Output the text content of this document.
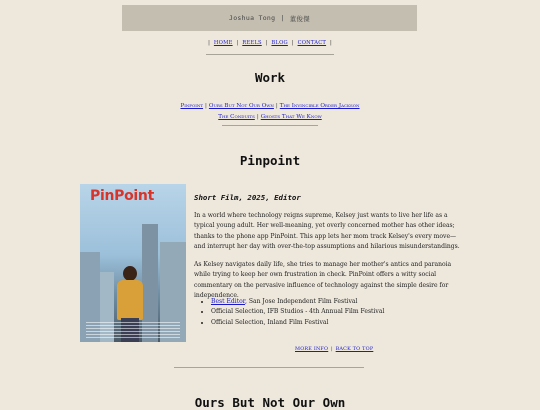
Joshua Tong | 董俊傑
| HOME | REELS | BLOG | CONTACT |
Work
Pinpoint | Ours But Not Our Own | The Invincible Order Jackson
The Conduits | Ghosts That We Know
Pinpoint
PinPoint	Short Film, 2025, Editor

In a world where technology reigns supreme, Kelsey just wants to live her life as a typical young adult. Her well-meaning, yet overly concerned mother has other ideas; thanks to the phone app PinPoint. This app lets her mom track Kelsey's every move—and interrupt her day with over-the-top assumptions and hilarious misunderstandings.

As Kelsey navigates daily life, she tries to manage her mother's antics and paranoia while trying to keep her own frustration in check. PinPoint offers a witty social commentary on the pervasive influence of technology against the simple desire for independence.

• Best Editor, San Jose Independent Film Festival
• Official Selection, IFB Studios - 4th Annual Film Festival
• Official Selection, Inland Film Festival
MORE INFO | BACK TO TOP
Ours But Not Our Own
